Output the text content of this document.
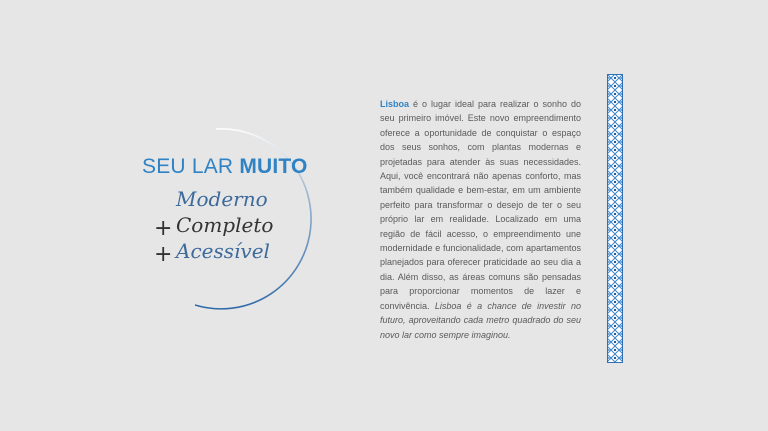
SEU LAR MUITO
Moderno
+ Completo
+ Acessível
Lisboa é o lugar ideal para realizar o sonho do seu primeiro imóvel. Este novo empreendimento oferece a oportunidade de conquistar o espaço dos seus sonhos, com plantas modernas e projetadas para atender às suas necessidades. Aqui, você encontrará não apenas conforto, mas também qualidade e bem-estar, em um ambiente perfeito para transformar o desejo de ter o seu próprio lar em realidade. Localizado em uma região de fácil acesso, o empreendimento une modernidade e funcionalidade, com apartamentos planejados para oferecer praticidade ao seu dia a dia. Além disso, as áreas comuns são pensadas para proporcionar momentos de lazer e convivência. Lisboa é a chance de investir no futuro, aproveitando cada metro quadrado do seu novo lar como sempre imaginou.
